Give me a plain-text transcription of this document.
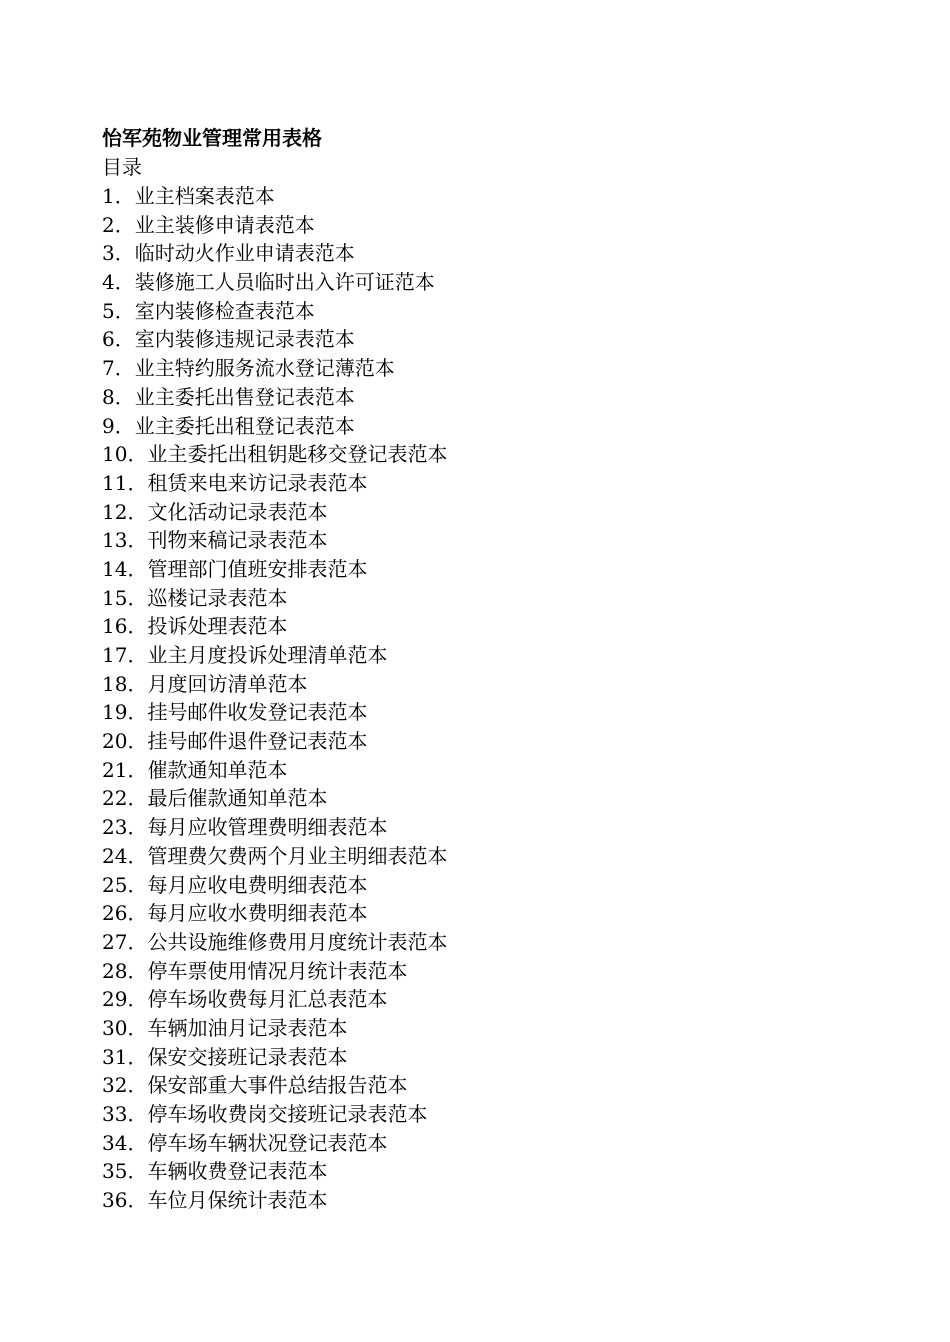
怡军苑物业管理常用表格
目录
1．业主档案表范本
2．业主装修申请表范本
3．临时动火作业申请表范本
4．装修施工人员临时出入许可证范本
5．室内装修检查表范本
6．室内装修违规记录表范本
7．业主特约服务流水登记薄范本
8．业主委托出售登记表范本
9．业主委托出租登记表范本
10．业主委托出租钥匙移交登记表范本
11．租赁来电来访记录表范本
12．文化活动记录表范本
13．刊物来稿记录表范本
14．管理部门值班安排表范本
15．巡楼记录表范本
16．投诉处理表范本
17．业主月度投诉处理清单范本
18．月度回访清单范本
19．挂号邮件收发登记表范本
20．挂号邮件退件登记表范本
21．催款通知单范本
22．最后催款通知单范本
23．每月应收管理费明细表范本
24．管理费欠费两个月业主明细表范本
25．每月应收电费明细表范本
26．每月应收水费明细表范本
27．公共设施维修费用月度统计表范本
28．停车票使用情况月统计表范本
29．停车场收费每月汇总表范本
30．车辆加油月记录表范本
31．保安交接班记录表范本
32．保安部重大事件总结报告范本
33．停车场收费岗交接班记录表范本
34．停车场车辆状况登记表范本
35．车辆收费登记表范本
36．车位月保统计表范本
